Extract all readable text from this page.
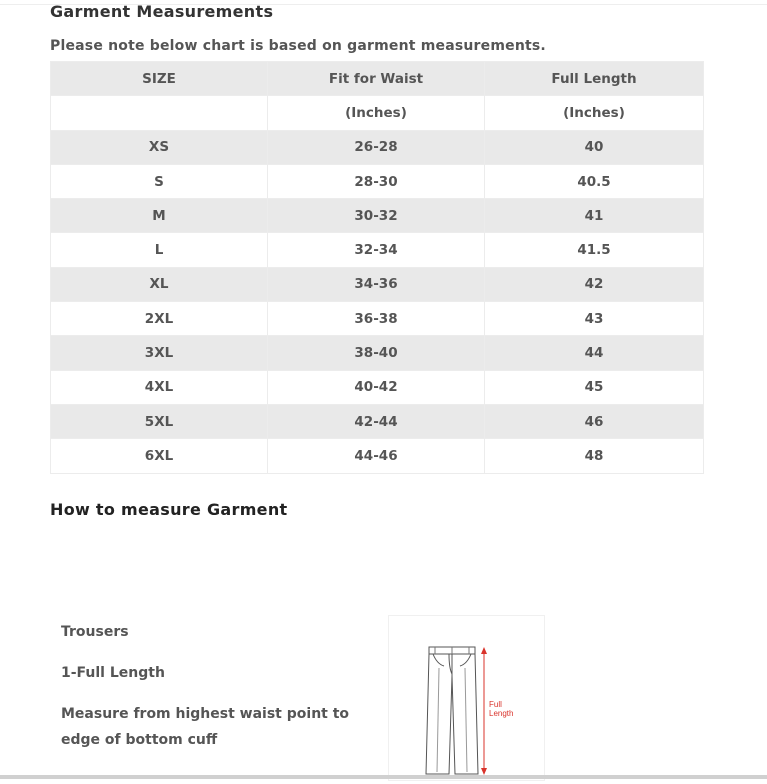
Garment Measurements
Please note below chart is based on garment measurements.
SIZE	Fit for Waist	Full Length
	(Inches)	(Inches)
XS	26-28	40
S	28-30	40.5
M	30-32	41
L	32-34	41.5
XL	34-36	42
2XL	36-38	43
3XL	38-40	44
4XL	40-42	45
5XL	42-44	46
6XL	44-46	48
How to measure Garment
Trousers
1-Full Length
Measure from highest waist point to edge of bottom cuff
Full
Length
